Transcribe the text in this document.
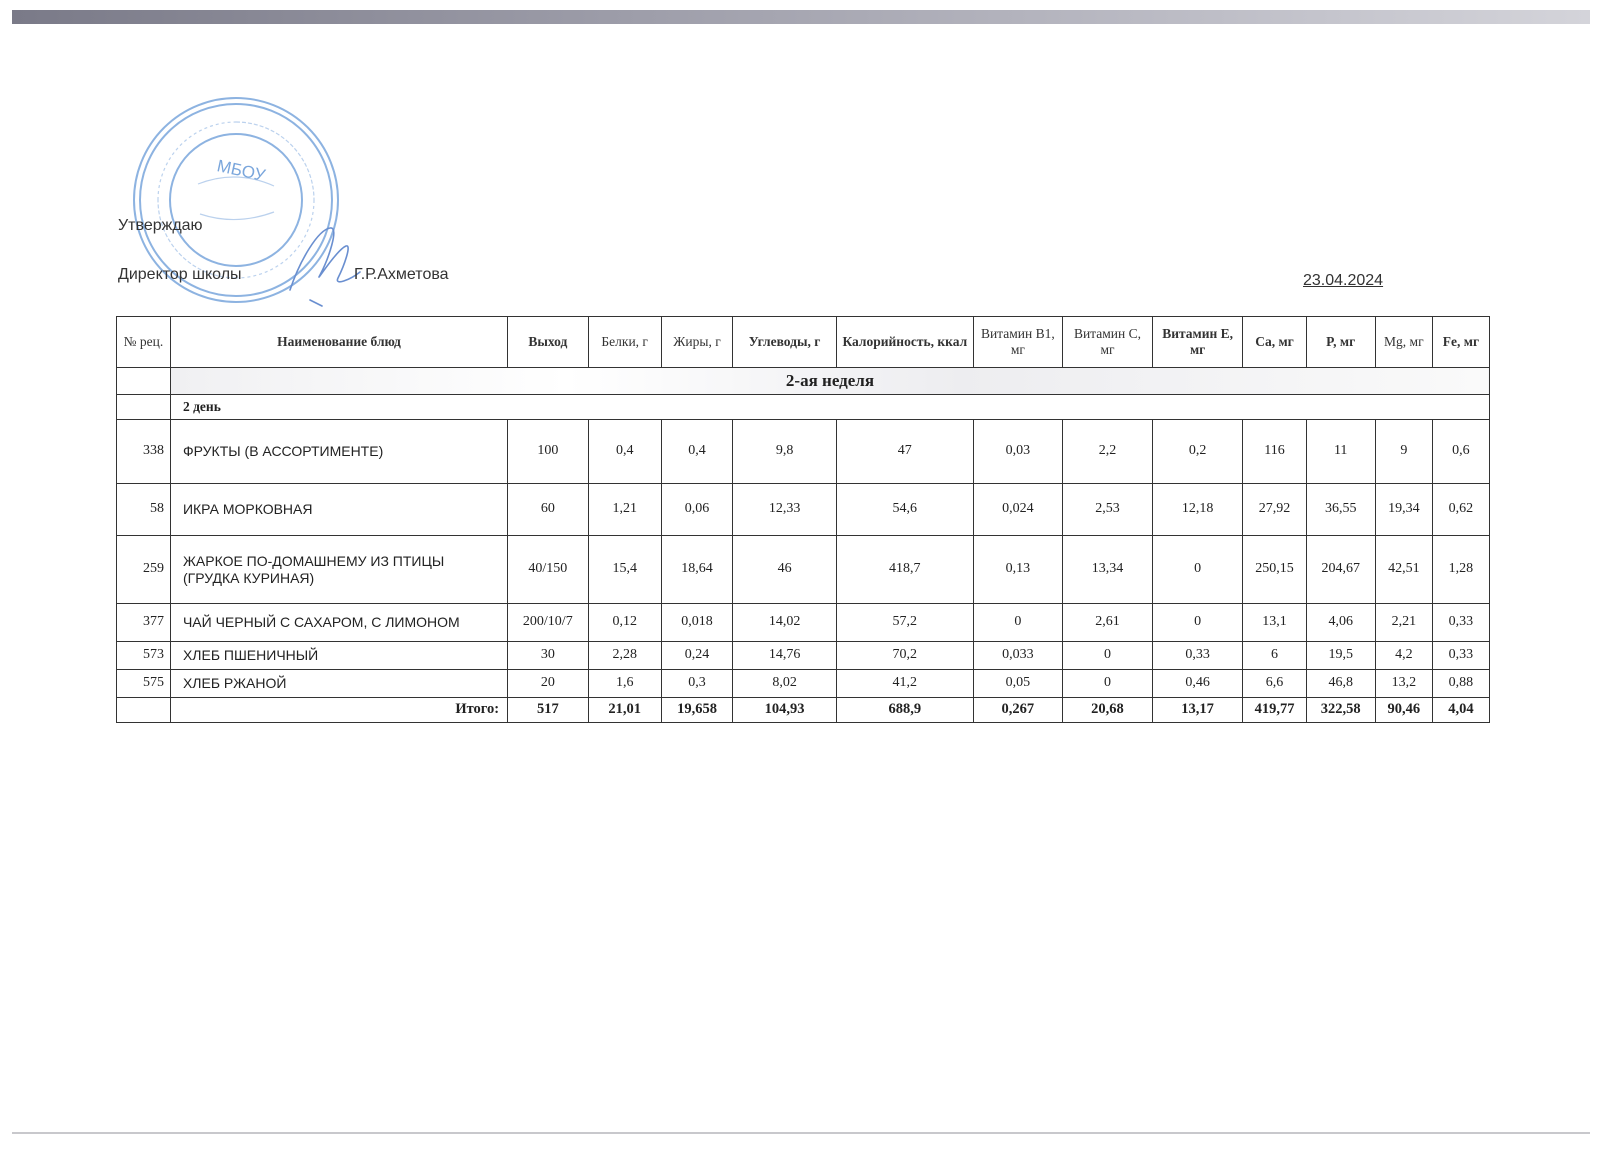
МБОУ
Утверждаю
Директор школы	Г.Р.Ахметова	23.04.2024
№ рец.	Наименование блюд	Выход	Белки, г	Жиры, г	Углеводы, г	Калорийность, ккал	Витамин B1, мг	Витамин C, мг	Витамин E, мг	Ca, мг	P, мг	Mg, мг	Fe, мг
	2-ая неделя												
	2 день												
338	ФРУКТЫ (В АССОРТИМЕНТЕ)	100	0,4	0,4	9,8	47	0,03	2,2	0,2	116	11	9	0,6
58	ИКРА МОРКОВНАЯ	60	1,21	0,06	12,33	54,6	0,024	2,53	12,18	27,92	36,55	19,34	0,62
259	ЖАРКОЕ ПО-ДОМАШНЕМУ ИЗ ПТИЦЫ (ГРУДКА КУРИНАЯ)	40/150	15,4	18,64	46	418,7	0,13	13,34	0	250,15	204,67	42,51	1,28
377	ЧАЙ ЧЕРНЫЙ С САХАРОМ, С ЛИМОНОМ	200/10/7	0,12	0,018	14,02	57,2	0	2,61	0	13,1	4,06	2,21	0,33
573	ХЛЕБ ПШЕНИЧНЫЙ	30	2,28	0,24	14,76	70,2	0,033	0	0,33	6	19,5	4,2	0,33
575	ХЛЕБ РЖАНОЙ	20	1,6	0,3	8,02	41,2	0,05	0	0,46	6,6	46,8	13,2	0,88
	Итого:	517	21,01	19,658	104,93	688,9	0,267	20,68	13,17	419,77	322,58	90,46	4,04
